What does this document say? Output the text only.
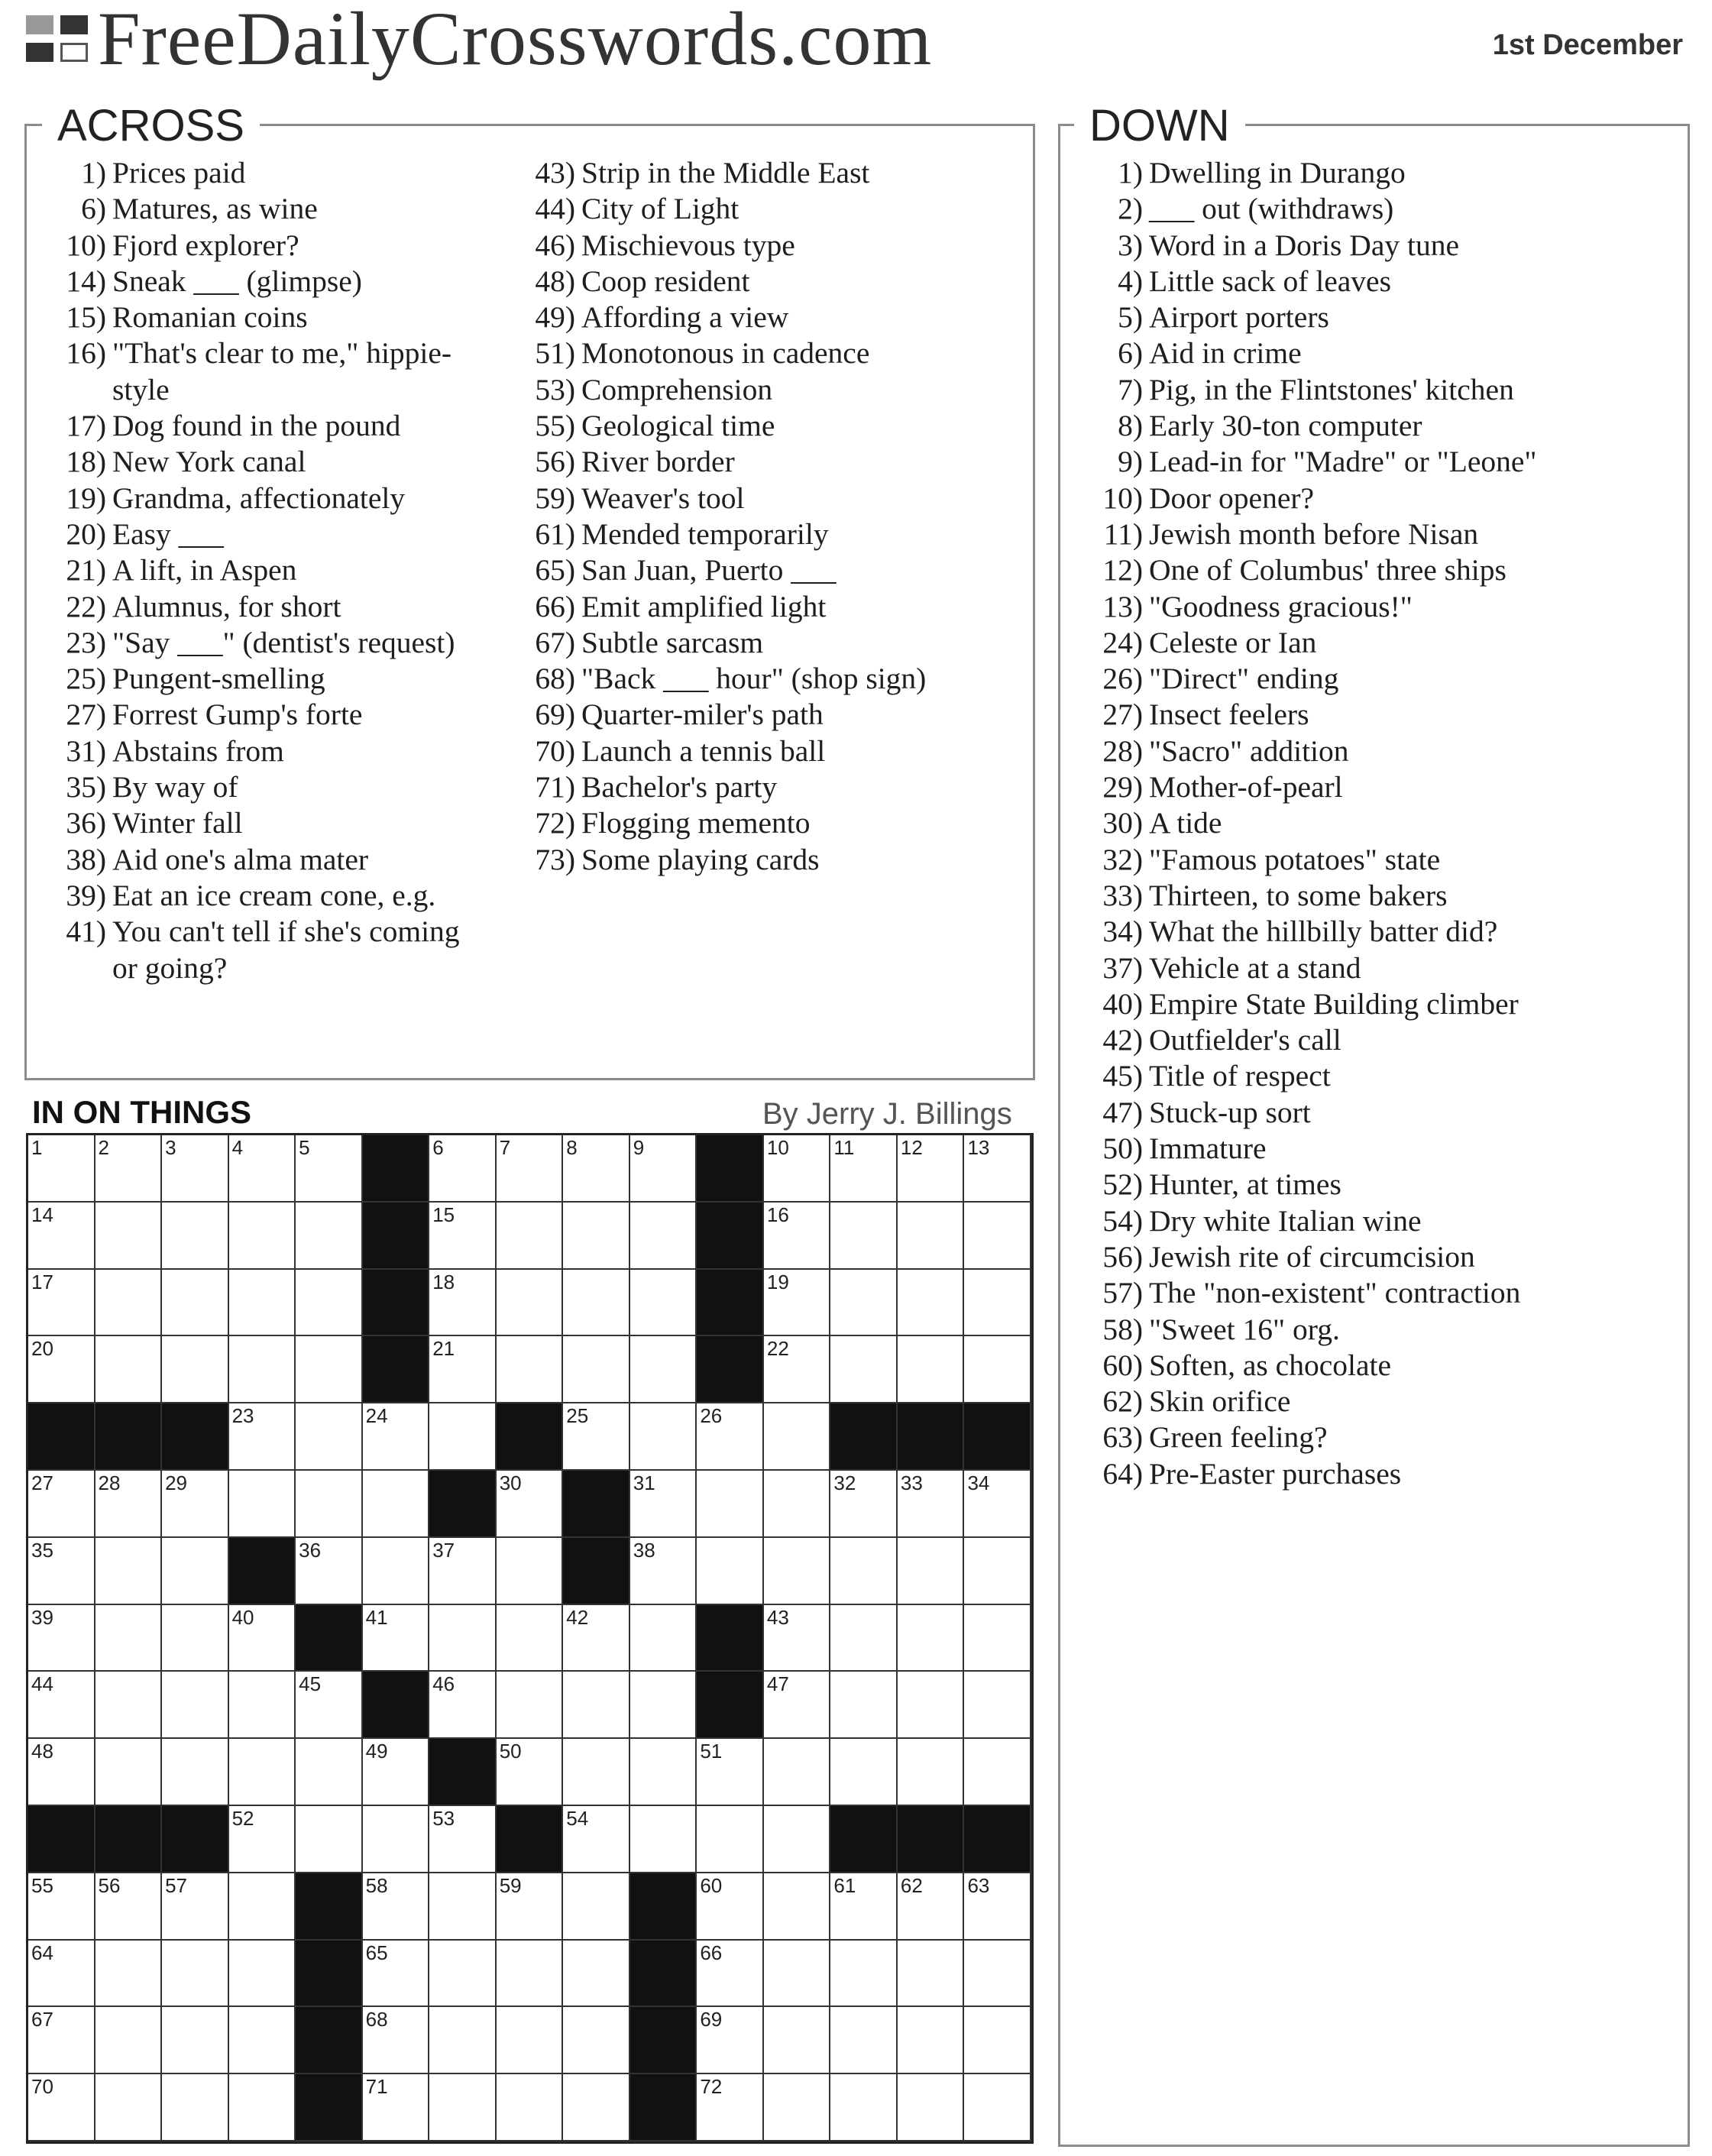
FreeDailyCrosswords.com	1st December
ACROSS
1) Prices paid
6) Matures, as wine
10) Fjord explorer?
14) Sneak ___ (glimpse)
15) Romanian coins
16) "That's clear to me," hippie-style
17) Dog found in the pound
18) New York canal
19) Grandma, affectionately
20) Easy ___
21) A lift, in Aspen
22) Alumnus, for short
23) "Say ___" (dentist's request)
25) Pungent-smelling
27) Forrest Gump's forte
31) Abstains from
35) By way of
36) Winter fall
38) Aid one's alma mater
39) Eat an ice cream cone, e.g.
41) You can't tell if she's coming or going?
43) Strip in the Middle East
44) City of Light
46) Mischievous type
48) Coop resident
49) Affording a view
51) Monotonous in cadence
53) Comprehension
55) Geological time
56) River border
59) Weaver's tool
61) Mended temporarily
65) San Juan, Puerto ___
66) Emit amplified light
67) Subtle sarcasm
68) "Back ___ hour" (shop sign)
69) Quarter-miler's path
70) Launch a tennis ball
71) Bachelor's party
72) Flogging memento
73) Some playing cards
DOWN
1) Dwelling in Durango
2) ___ out (withdraws)
3) Word in a Doris Day tune
4) Little sack of leaves
5) Airport porters
6) Aid in crime
7) Pig, in the Flintstones' kitchen
8) Early 30-ton computer
9) Lead-in for "Madre" or "Leone"
10) Door opener?
11) Jewish month before Nisan
12) One of Columbus' three ships
13) "Goodness gracious!"
24) Celeste or Ian
26) "Direct" ending
27) Insect feelers
28) "Sacro" addition
29) Mother-of-pearl
30) A tide
32) "Famous potatoes" state
33) Thirteen, to some bakers
34) What the hillbilly batter did?
37) Vehicle at a stand
40) Empire State Building climber
42) Outfielder's call
45) Title of respect
47) Stuck-up sort
50) Immature
52) Hunter, at times
54) Dry white Italian wine
56) Jewish rite of circumcision
57) The "non-existent" contraction
58) "Sweet 16" org.
60) Soften, as chocolate
62) Skin orifice
63) Green feeling?
64) Pre-Easter purchases
IN ON THINGS	By Jerry J. Billings
1	2	3	4	5	6	7	8	9	10 11 12 13
14	15	16
17	18	19
20	21	22
23	24	25	26
27 28 29	30	31	32 33 34
35	36	37	38
39	40	41	42	43
44	45	46	47
48	49	50	51
52	53	54
55 56 57	58	59	60	61 62 63
64	65	66
67	68	69
70	71	72
